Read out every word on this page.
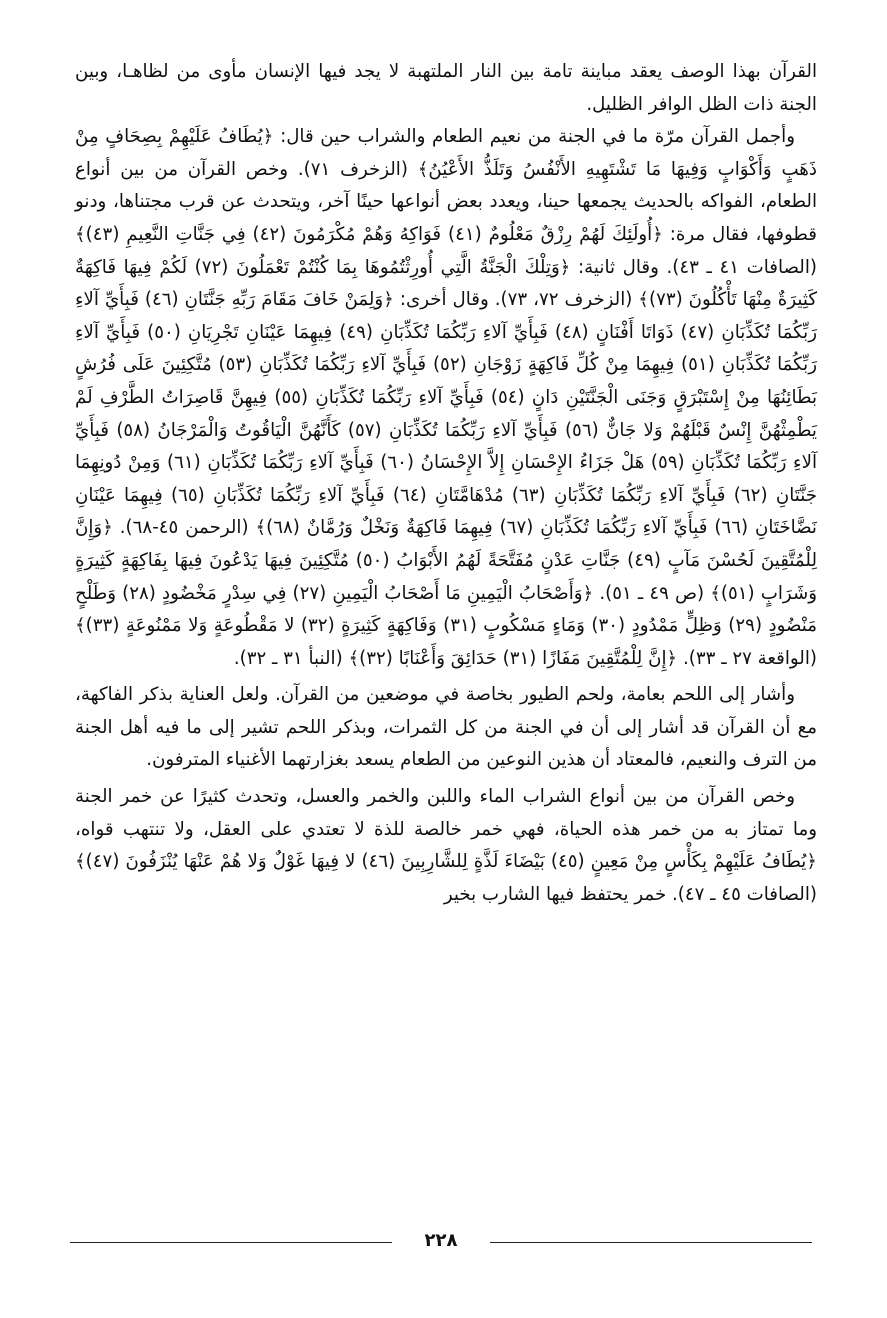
القرآن بهذا الوصف يعقد مباينة تامة بين النار الملتهبة لا يجد فيها الإنسان مأوى من لظاهـا، وبين الجنة ذات الظل الوافر الظليل.

وأجمل القرآن مرّة ما في الجنة من نعيم الطعام والشراب حين قال: ﴿يُطَافُ عَلَيْهِمْ بِصِحَافٍ مِنْ ذَهَبٍ وَأَكْوَابٍ وَفِيهَا مَا تَشْتَهِيهِ الأَنْفُسُ وَتَلَذُّ الأَعْيُنُ﴾ (الزخرف ٧١). وخص القرآن من بين أنواع الطعام، الفواكه بالحديث يجمعها حينا، ويعدد بعض أنواعها حينًا آخر، ويتحدث عن قرب مجتناها، ودنو قطوفها، فقال مرة: ﴿أُولَئِكَ لَهُمْ رِزْقٌ مَعْلُومٌ (٤١) فَوَاكِهُ وَهُمْ مُكْرَمُونَ (٤٢) فِي جَنَّاتِ النَّعِيمِ (٤٣)﴾ (الصافات ٤١ ـ ٤٣). وقال ثانية: ﴿وَتِلْكَ الْجَنَّةُ الَّتِي أُورِثْتُمُوهَا بِمَا كُنْتُمْ تَعْمَلُونَ (٧٢) لَكُمْ فِيهَا فَاكِهَةٌ كَثِيرَةٌ مِنْهَا تَأْكُلُونَ (٧٣)﴾ (الزخرف ٧٢، ٧٣). وقال أخرى: ﴿وَلِمَنْ خَافَ مَقَامَ رَبِّهِ جَنَّتَانِ (٤٦) فَبِأَيِّ آلاءِ رَبِّكُمَا تُكَذِّبَانِ (٤٧) ذَوَاتَا أَفْنَانٍ (٤٨) فَبِأَيِّ آلاءِ رَبِّكُمَا تُكَذِّبَانِ (٤٩) فِيهِمَا عَيْنَانِ تَجْرِيَانِ (٥٠) فَبِأَيِّ آلاءِ رَبِّكُمَا تُكَذِّبَانِ (٥١) فِيهِمَا مِنْ كُلِّ فَاكِهَةٍ زَوْجَانِ (٥٢) فَبِأَيِّ آلاءِ رَبِّكُمَا تُكَذِّبَانِ (٥٣) مُتَّكِئِينَ عَلَى فُرُشٍ بَطَائِنُهَا مِنْ إِسْتَبْرَقٍ وَجَنَى الْجَنَّتَيْنِ دَانٍ (٥٤) فَبِأَيِّ آلاءِ رَبِّكُمَا تُكَذِّبَانِ (٥٥) فِيهِنَّ قَاصِرَاتُ الطَّرْفِ لَمْ يَطْمِثْهُنَّ إِنْسٌ قَبْلَهُمْ وَلا جَانٌّ (٥٦) فَبِأَيِّ آلاءِ رَبِّكُمَا تُكَذِّبَانِ (٥٧) كَأَنَّهُنَّ الْيَاقُوتُ وَالْمَرْجَانُ (٥٨) فَبِأَيِّ آلاءِ رَبِّكُمَا تُكَذِّبَانِ (٥٩) هَلْ جَزَاءُ الإِحْسَانِ إِلاَّ الإِحْسَانُ (٦٠) فَبِأَيِّ آلاءِ رَبِّكُمَا تُكَذِّبَانِ (٦١) وَمِنْ دُونِهِمَا جَنَّتَانِ (٦٢) فَبِأَيِّ آلاءِ رَبِّكُمَا تُكَذِّبَانِ (٦٣) مُدْهَامَّتَانِ (٦٤) فَبِأَيِّ آلاءِ رَبِّكُمَا تُكَذِّبَانِ (٦٥) فِيهِمَا عَيْنَانِ نَضَّاخَتَانِ (٦٦) فَبِأَيِّ آلاءِ رَبِّكُمَا تُكَذِّبَانِ (٦٧) فِيهِمَا فَاكِهَةٌ وَنَخْلٌ وَرُمَّانٌ (٦٨)﴾ (الرحمن ٤٥-٦٨). ﴿وَإِنَّ لِلْمُتَّقِينَ لَحُسْنَ مَآبٍ (٤٩) جَنَّاتِ عَدْنٍ مُفَتَّحَةً لَهُمُ الأَبْوَابُ (٥٠) مُتَّكِئِينَ فِيهَا يَدْعُونَ فِيهَا بِفَاكِهَةٍ كَثِيرَةٍ وَشَرَابٍ (٥١)﴾ (ص ٤٩ ـ ٥١). ﴿وَأَصْحَابُ الْيَمِينِ مَا أَصْحَابُ الْيَمِينِ (٢٧) فِي سِدْرٍ مَخْضُودٍ (٢٨) وَطَلْحٍ مَنْضُودٍ (٢٩) وَظِلٍّ مَمْدُودٍ (٣٠) وَمَاءٍ مَسْكُوبٍ (٣١) وَفَاكِهَةٍ كَثِيرَةٍ (٣٢) لا مَقْطُوعَةٍ وَلا مَمْنُوعَةٍ (٣٣)﴾ (الواقعة ٢٧ ـ ٣٣). ﴿إِنَّ لِلْمُتَّقِينَ مَفَازًا (٣١) حَدَائِقَ وَأَعْنَابًا (٣٢)﴾ (النبأ ٣١ ـ ٣٢).

وأشار إلى اللحم بعامة، ولحم الطيور بخاصة في موضعين من القرآن. ولعل العناية بذكر الفاكهة، مع أن القرآن قد أشار إلى أن في الجنة من كل الثمرات، وبذكر اللحم تشير إلى ما فيه أهل الجنة من الترف والنعيم، فالمعتاد أن هذين النوعين من الطعام يسعد بغزارتهما الأغنياء المترفون.

وخص القرآن من بين أنواع الشراب الماء واللبن والخمر والعسل، وتحدث كثيرًا عن خمر الجنة وما تمتاز به من خمر هذه الحياة، فهي خمر خالصة للذة لا تعتدي على العقل، ولا تنتهب قواه، ﴿يُطَافُ عَلَيْهِمْ بِكَأْسٍ مِنْ مَعِينٍ (٤٥) بَيْضَاءَ لَذَّةٍ لِلشَّارِبِينَ (٤٦) لا فِيهَا غَوْلٌ وَلا هُمْ عَنْهَا يُنْزَفُونَ (٤٧)﴾ (الصافات ٤٥ ـ ٤٧). خمر يحتفظ فيها الشارب بخير

٢٢٨
